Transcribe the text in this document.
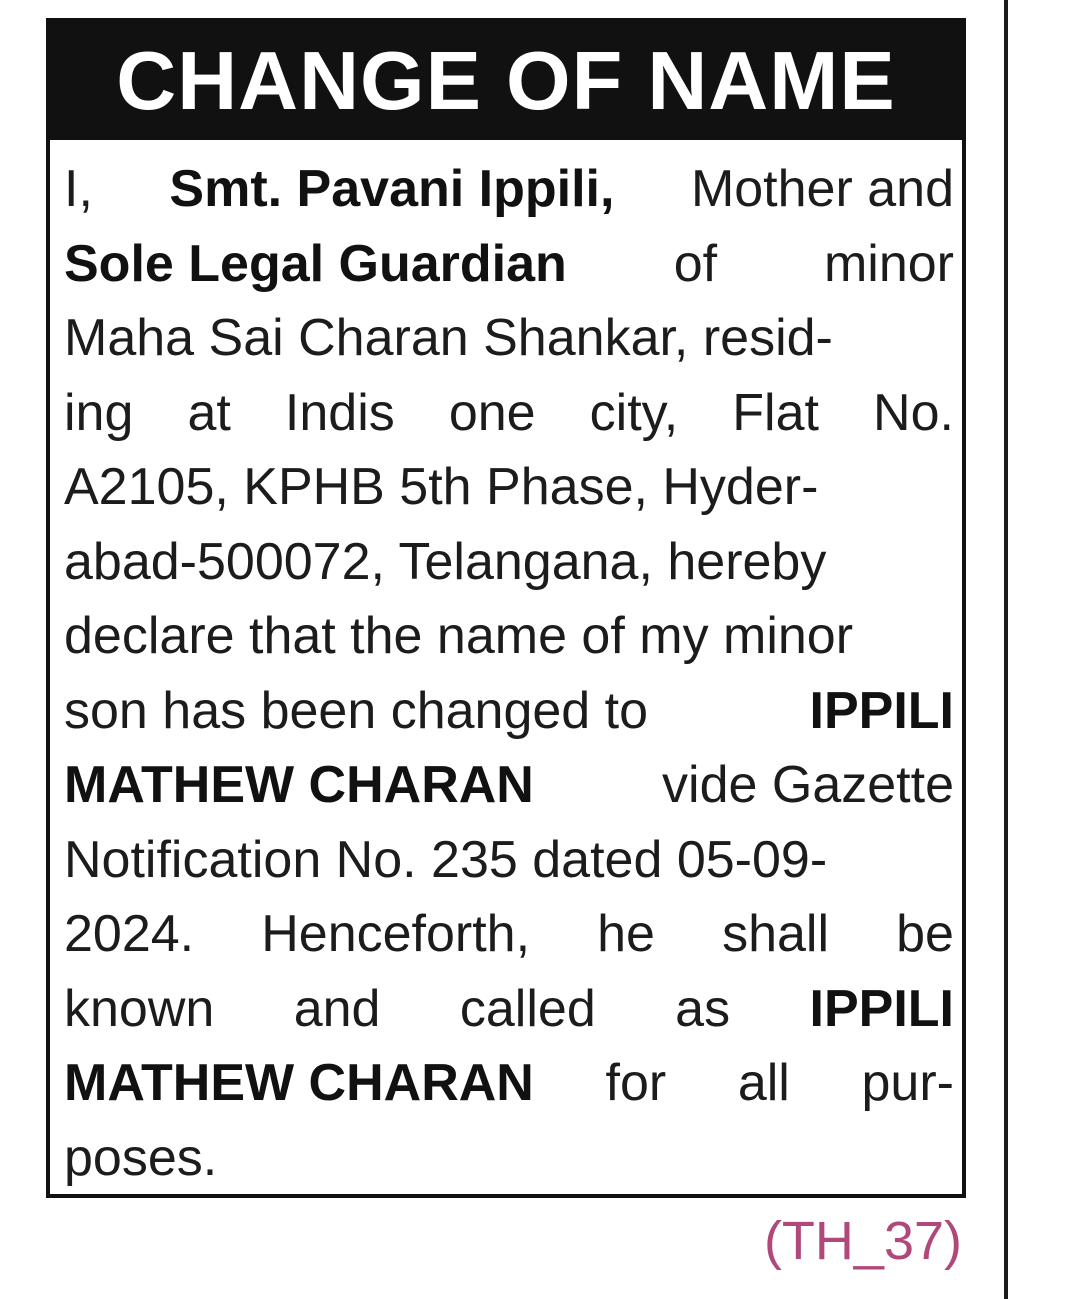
CHANGE OF NAME
I, Smt. Pavani Ippili, Mother and
Sole Legal Guardian of minor
Maha Sai Charan Shankar, resid-
ing at Indis one city, Flat No.
A2105, KPHB 5th Phase, Hyder-
abad-500072, Telangana, hereby
declare that the name of my minor
son has been changed to	IPPILI
MATHEW CHARAN vide Gazette
Notification No. 235 dated 05-09-
2024. Henceforth, he shall be
known and called as IPPILI
MATHEW CHARAN for all pur-
poses.
(TH_37)
